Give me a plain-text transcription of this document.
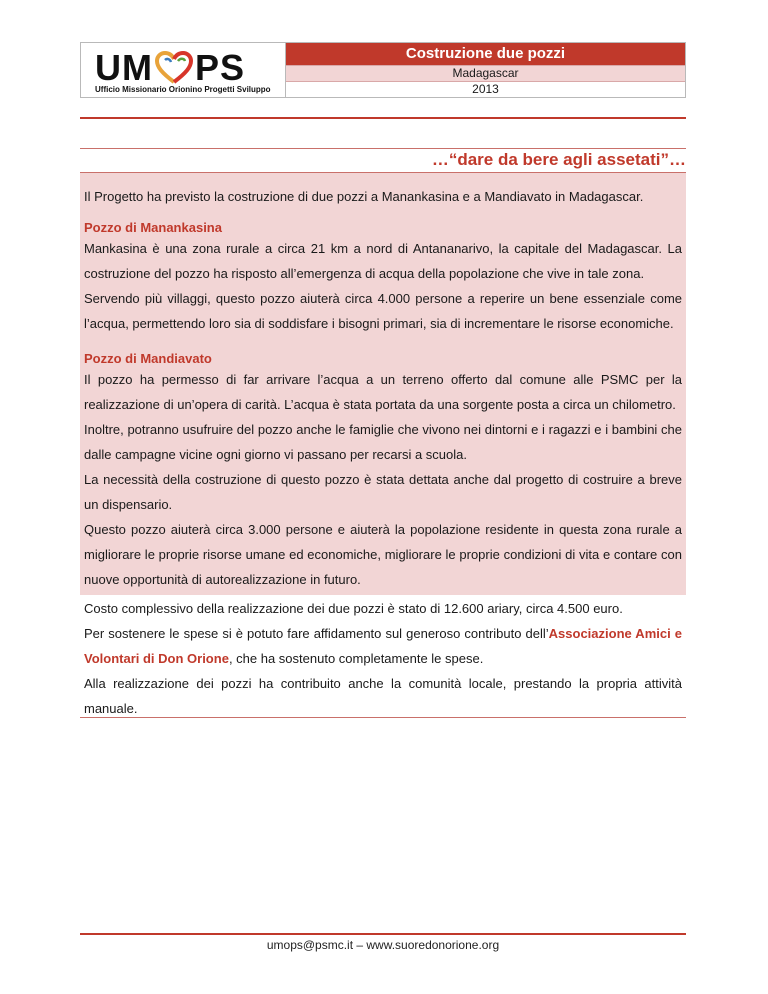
UM PS
Ufficio Missionario Orionino Progetti Sviluppo
Costruzione due pozzi
Madagascar
2013
…“dare da bere agli assetati”…

Il Progetto ha previsto la costruzione di due pozzi a Manankasina e a Mandiavato in Madagascar.

Pozzo di Manankasina

Mankasina è una zona rurale a circa 21 km a nord di Antananarivo, la capitale del Madagascar. La costruzione del pozzo ha risposto all’emergenza di acqua della popolazione che vive in tale zona.

Servendo più villaggi, questo pozzo aiuterà circa 4.000 persone a reperire un bene essenziale come l’acqua, permettendo loro sia di soddisfare i bisogni primari, sia di incrementare le risorse economiche.

Pozzo di Mandiavato

Il pozzo ha permesso di far arrivare l’acqua a un terreno offerto dal comune alle PSMC per la realizzazione di un’opera di carità. L’acqua è stata portata da una sorgente posta a circa un chilometro.

Inoltre, potranno usufruire del pozzo anche le famiglie che vivono nei dintorni e i ragazzi e i bambini che dalle campagne vicine ogni giorno vi passano per recarsi a scuola.

La necessità della costruzione di questo pozzo è stata dettata anche dal progetto di costruire a breve un dispensario.

Questo pozzo aiuterà circa 3.000 persone e aiuterà la popolazione residente in questa zona rurale a migliorare le proprie risorse umane ed economiche, migliorare le proprie condizioni di vita e contare con nuove opportunità di autorealizzazione in futuro.

Costo complessivo della realizzazione dei due pozzi è stato di 12.600 ariary, circa 4.500 euro.

Per sostenere le spese si è potuto fare affidamento sul generoso contributo dell’Associazione Amici e Volontari di Don Orione, che ha sostenuto completamente le spese.

Alla realizzazione dei pozzi ha contribuito anche la comunità locale, prestando la propria attività manuale.

umops@psmc.it – www.suoredonorione.org
